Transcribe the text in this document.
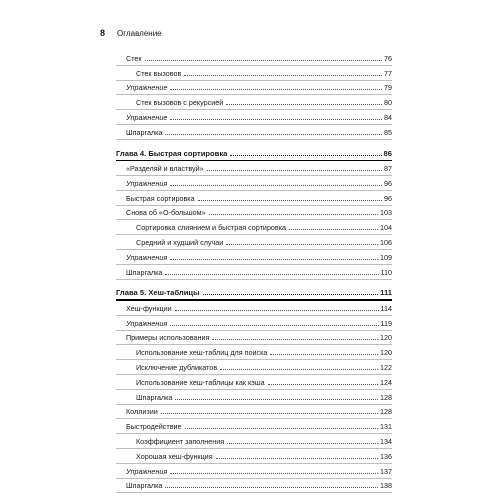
8 Оглавление
Стек	76
Стек вызовов	77
Упражнение	79
Стек вызовов с рекурсией	80
Упражнение	84
Шпаргалка	85
Глава 4. Быстрая сортировка	86
«Разделяй и властвуй»	87
Упражнения	96
Быстрая сортировка	96
Снова об «О-большом»	103
Сортировка слиянием и быстрая сортировка	104
Средний и худший случаи	106
Упражнения	109
Шпаргалка	110
Глава 5. Хеш-таблицы	111
Хеш-функции	114
Упражнения	119
Примеры использования	120
Использование хеш-таблиц для поиска	120
Исключение дубликатов	122
Использование хеш-таблицы как кэша	124
Шпаргалка	128
Коллизии	128
Быстродействие	131
Коэффициент заполнения	134
Хорошая хеш-функция	136
Упражнения	137
Шпаргалка	138
